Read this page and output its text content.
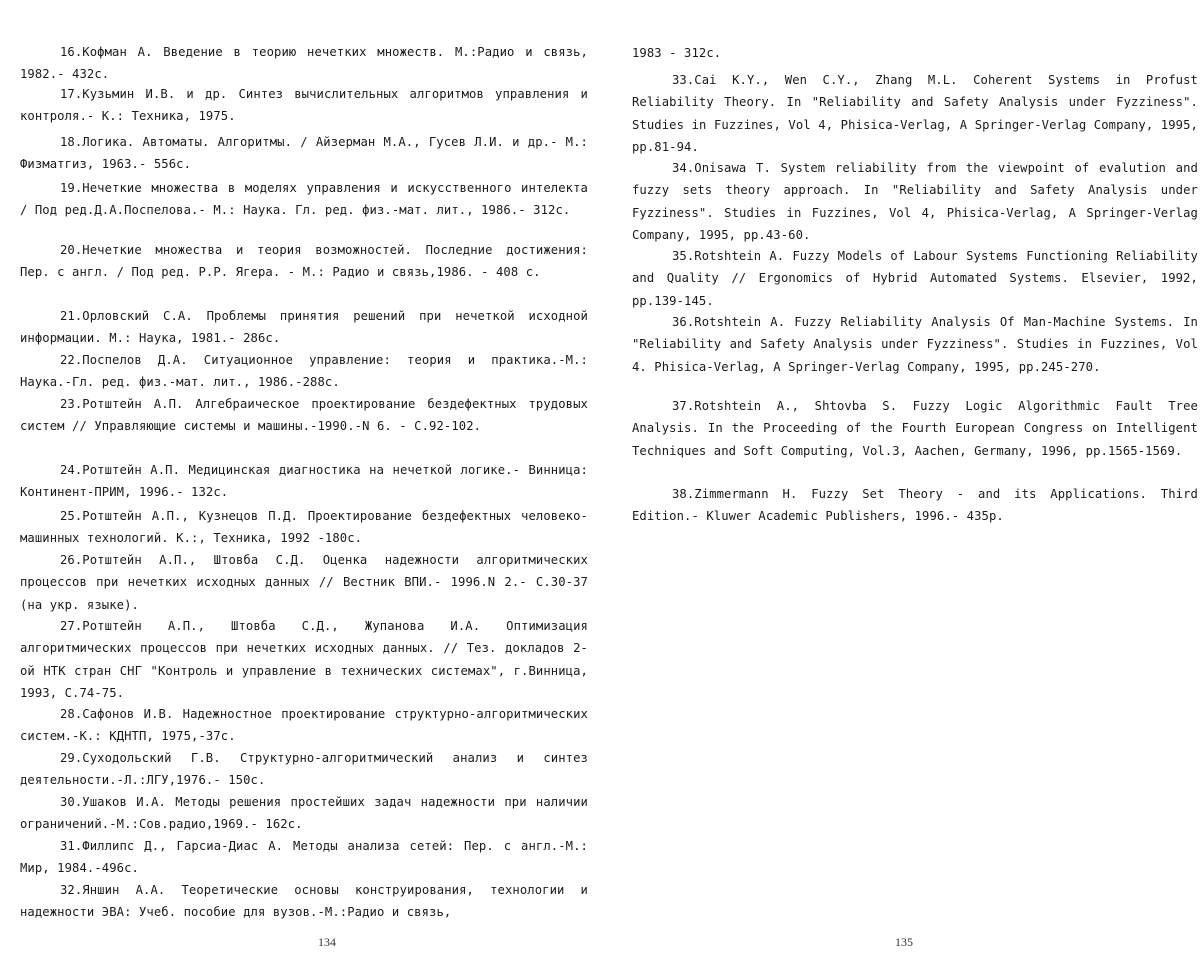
16.Кофман А. Введение в теорию нечетких множеств. М.:Радио и связь, 1982.- 432с.

17.Кузьмин И.В. и др. Синтез вычислительных алгоритмов управления и контроля.- К.: Техника, 1975.

18.Логика. Автоматы. Алгоритмы. / Айзерман М.А., Гусев Л.И. и др.- М.: Физматгиз, 1963.- 556с.

19.Нечеткие множества в моделях управления и искусственного интелекта / Под ред.Д.А.Поспелова.- М.: Наука. Гл. ред. физ.-мат. лит., 1986.- 312с.

20.Нечеткие множества и теория возможностей. Последние достижения: Пер. с англ. / Под ред. Р.Р. Ягера. - М.: Радио и связь,1986. - 408 с.

21.Орловский С.А. Проблемы принятия решений при нечеткой исходной информации. М.: Наука, 1981.- 286с.

22.Поспелов Д.А. Ситуационное управление: теория и практика.-М.: Наука.-Гл. ред. физ.-мат. лит., 1986.-288с.

23.Ротштейн А.П. Алгебраическое проектирование бездефектных трудовых систем // Управляющие системы и машины.-1990.-N 6. - С.92-102.

24.Ротштейн А.П. Медицинская диагностика на нечеткой логике.- Винница: Континент-ПРИМ, 1996.- 132с.

25.Ротштейн А.П., Кузнецов П.Д. Проектирование бездефектных человеко-машинных технологий. К.:, Техника, 1992 -180с.

26.Ротштейн А.П., Штовба С.Д. Оценка надежности алгоритмических процессов при нечетких исходных данных // Вестник ВПИ.- 1996.N 2.- С.30-37 (на укр. языке).

27.Ротштейн А.П., Штовба С.Д., Жупанова И.А. Оптимизация алгоритмических процессов при нечетких исходных данных. // Тез. докладов 2-ой НТК стран СНГ "Контроль и управление в технических системах", г.Винница, 1993, С.74-75.

28.Сафонов И.В. Надежностное проектирование структурно-алгоритмических систем.-К.: КДНТП, 1975,-37с.

29.Суходольский Г.В. Структурно-алгоритмический анализ и синтез деятельности.-Л.:ЛГУ,1976.- 150с.

30.Ушаков И.А. Методы решения простейших задач надежности при наличии ограничений.-М.:Сов.радио,1969.- 162с.

31.Филлипс Д., Гарсиа-Диас А. Методы анализа сетей: Пер. с англ.-М.: Мир, 1984.-496с.

32.Яншин А.А. Теоретические основы конструирования, технологии и надежности ЭВА: Учеб. пособие для вузов.-М.:Радио и связь,

134

1983 - 312с.

33.Cai K.Y., Wen C.Y., Zhang M.L. Coherent Systems in Profust Reliability Theory. In "Reliability and Safety Analysis under Fyzziness". Studies in Fuzzines, Vol 4, Phisica-Verlag, A Springer-Verlag Company, 1995, pp.81-94.

34.Onisawa T. System reliability from the viewpoint of evalution and fuzzy sets theory approach. In "Reliability and Safety Analysis under Fyzziness". Studies in Fuzzines, Vol 4, Phisica-Verlag, A Springer-Verlag Company, 1995, pp.43-60.

35.Rotshtein A. Fuzzy Models of Labour Systems Functioning Reliability and Quality // Ergonomics of Hybrid Automated Systems. Elsevier, 1992, pp.139-145.

36.Rotshtein A. Fuzzy Reliability Analysis Of Man-Machine Systems. In "Reliability and Safety Analysis under Fyzziness". Studies in Fuzzines, Vol 4. Phisica-Verlag, A Springer-Verlag Company, 1995, pp.245-270.

37.Rotshtein A., Shtovba S. Fuzzy Logic Algorithmic Fault Tree Analysis. In the Proceeding of the Fourth European Congress on Intelligent Techniques and Soft Computing, Vol.3, Aachen, Germany, 1996, pp.1565-1569.

38.Zimmermann H. Fuzzy Set Theory - and its Applications. Third Edition.- Kluwer Academic Publishers, 1996.- 435p.

135
